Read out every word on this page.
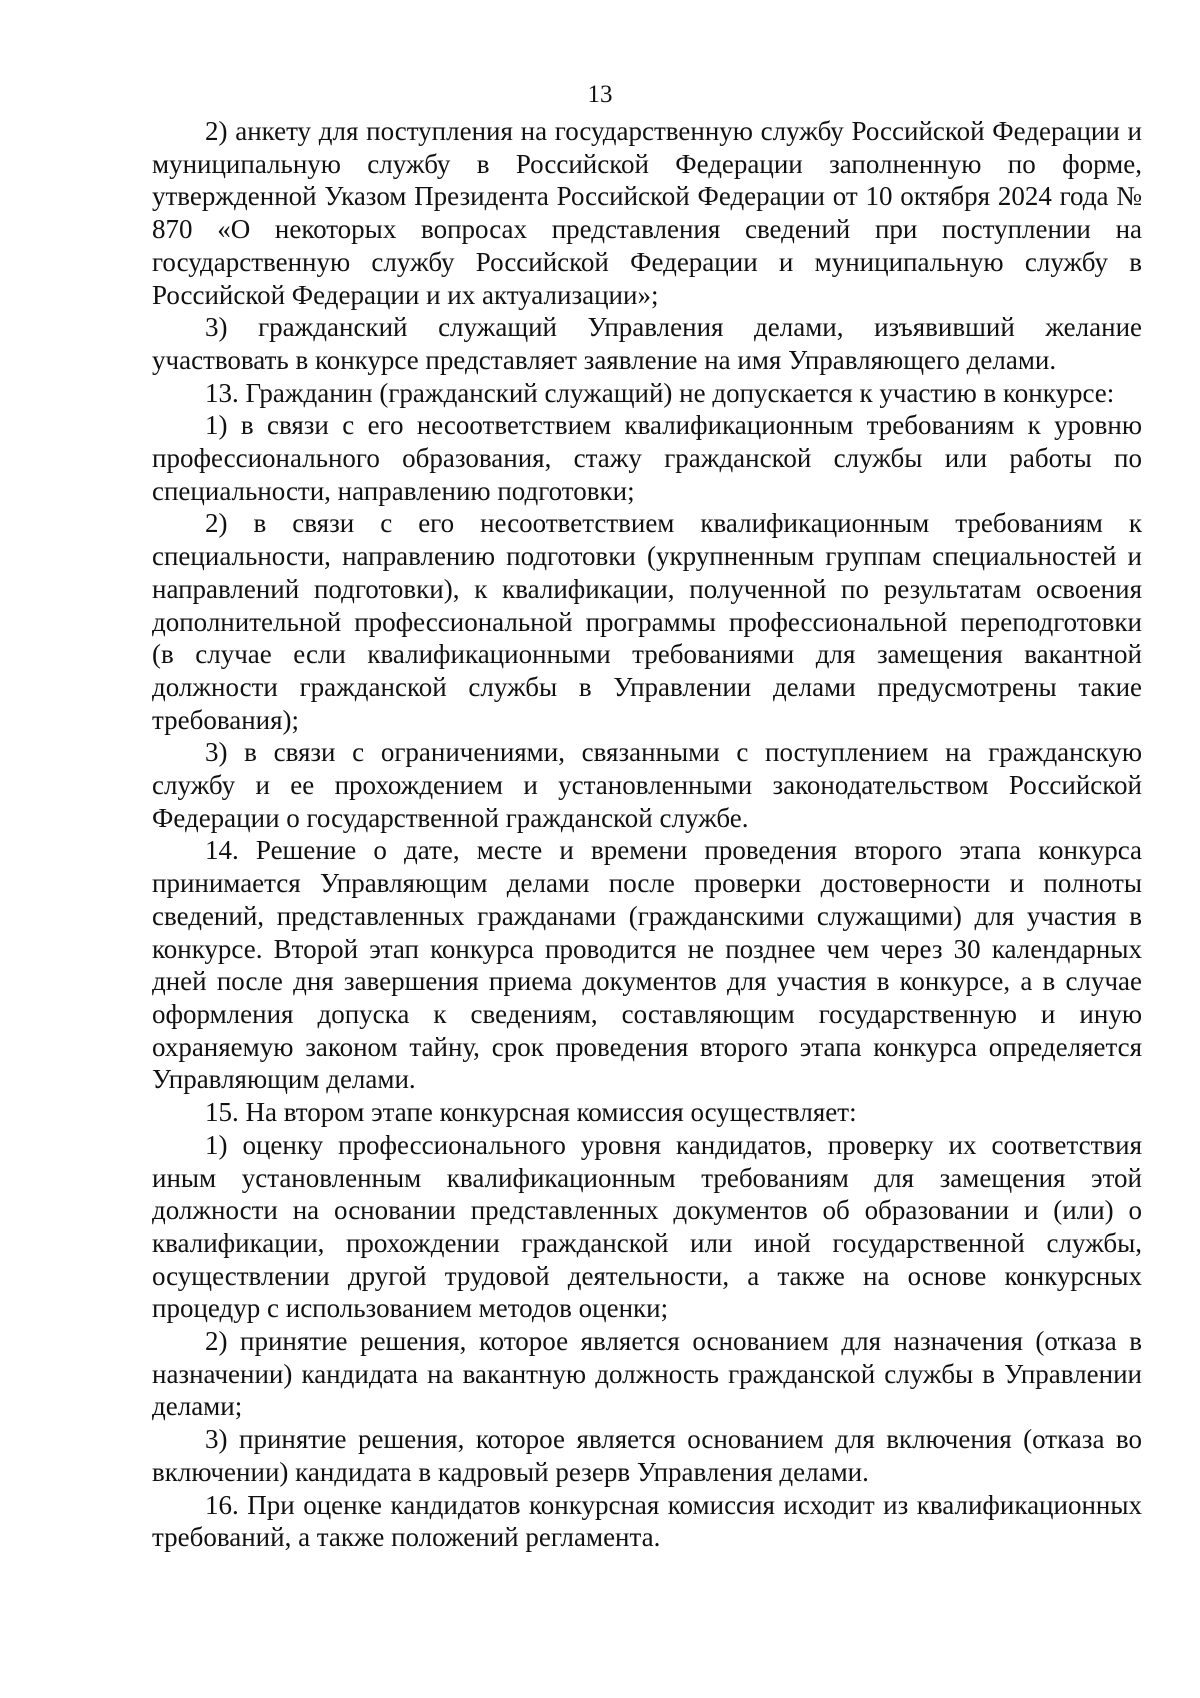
13

2) анкету для поступления на государственную службу Российской Федерации и муниципальную службу в Российской Федерации заполненную по форме, утвержденной Указом Президента Российской Федерации от 10 октября 2024 года № 870 «О некоторых вопросах представления сведений при поступлении на государственную службу Российской Федерации и муниципальную службу в Российской Федерации и их актуализации»;

3) гражданский служащий Управления делами, изъявивший желание участвовать в конкурсе представляет заявление на имя Управляющего делами.

13. Гражданин (гражданский служащий) не допускается к участию в конкурсе:

1) в связи с его несоответствием квалификационным требованиям к уровню профессионального образования, стажу гражданской службы или работы по специальности, направлению подготовки;

2) в связи с его несоответствием квалификационным требованиям к специальности, направлению подготовки (укрупненным группам специальностей и направлений подготовки), к квалификации, полученной по результатам освоения дополнительной профессиональной программы профессиональной переподготовки (в случае если квалификационными требованиями для замещения вакантной должности гражданской службы в Управлении делами предусмотрены такие требования);

3) в связи с ограничениями, связанными с поступлением на гражданскую службу и ее прохождением и установленными законодательством Российской Федерации о государственной гражданской службе.

14. Решение о дате, месте и времени проведения второго этапа конкурса принимается Управляющим делами после проверки достоверности и полноты сведений, представленных гражданами (гражданскими служащими) для участия в конкурсе. Второй этап конкурса проводится не позднее чем через 30 календарных дней после дня завершения приема документов для участия в конкурсе, а в случае оформления допуска к сведениям, составляющим государственную и иную охраняемую законом тайну, срок проведения второго этапа конкурса определяется Управляющим делами.

15. На втором этапе конкурсная комиссия осуществляет:

1) оценку профессионального уровня кандидатов, проверку их соответствия иным установленным квалификационным требованиям для замещения этой должности на основании представленных документов об образовании и (или) о квалификации, прохождении гражданской или иной государственной службы, осуществлении другой трудовой деятельности, а также на основе конкурсных процедур с использованием методов оценки;

2) принятие решения, которое является основанием для назначения (отказа в назначении) кандидата на вакантную должность гражданской службы в Управлении делами;

3) принятие решения, которое является основанием для включения (отказа во включении) кандидата в кадровый резерв Управления делами.

16. При оценке кандидатов конкурсная комиссия исходит из квалификационных требований, а также положений регламента.
